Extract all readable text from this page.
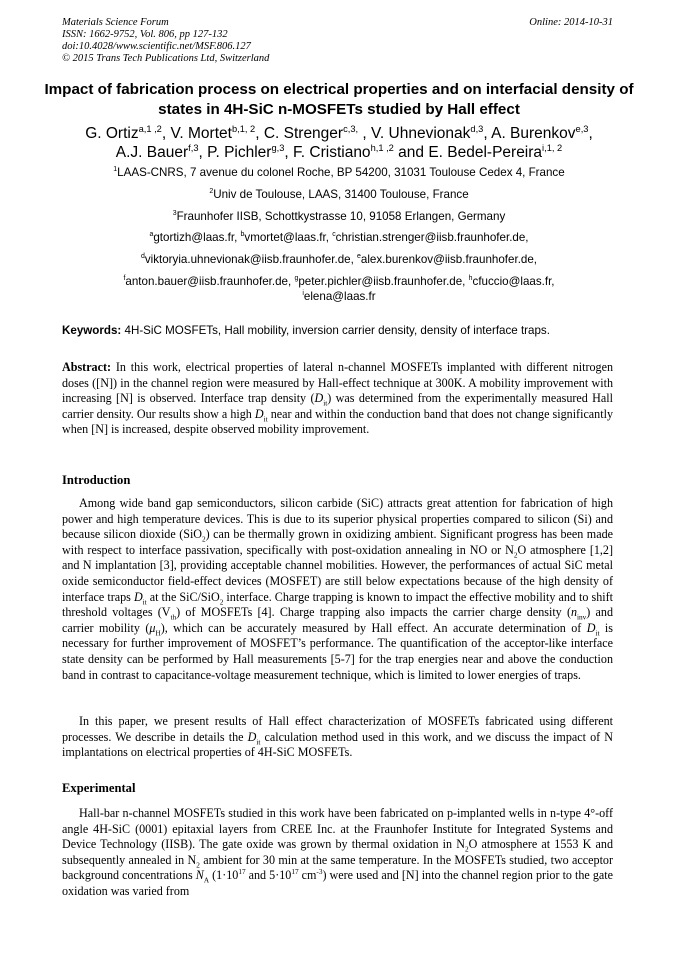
Materials Science Forum
ISSN: 1662-9752, Vol. 806, pp 127-132
doi:10.4028/www.scientific.net/MSF.806.127
© 2015 Trans Tech Publications Ltd, Switzerland
Online: 2014-10-31
Impact of fabrication process on electrical properties and on interfacial density of states in 4H-SiC n-MOSFETs studied by Hall effect
G. Ortiz$^{a,1 ,2}$, V. Mortet$^{b,1, 2}$, C. Strenger$^{c,3,}$ , V. Uhnevionak$^{d,3}$, A. Burenkov$^{e,3}$,
A.J. Bauer$^{f,3}$, P. Pichler$^{g,3}$, F. Cristiano$^{h,1 ,2}$ and E. Bedel-Pereira$^{i,1, 2}$
$^1$LAAS-CNRS, 7 avenue du colonel Roche, BP 54200, 31031 Toulouse Cedex 4, France
$^2$Univ de Toulouse, LAAS, 31400 Toulouse, France
$^3$Fraunhofer IISB, Schottkystrasse 10, 91058 Erlangen, Germany
$^a$gtortizh@laas.fr, $^b$vmortet@laas.fr, $^c$christian.strenger@iisb.fraunhofer.de,
$^d$viktoryia.uhnevionak@iisb.fraunhofer.de, $^e$alex.burenkov@iisb.fraunhofer.de,
$^f$anton.bauer@iisb.fraunhofer.de, $^g$peter.pichler@iisb.fraunhofer.de, $^h$cfuccio@laas.fr,
$^i$elena@laas.fr
Keywords: 4H-SiC MOSFETs, Hall mobility, inversion carrier density, density of interface traps.
Abstract: In this work, electrical properties of lateral n-channel MOSFETs implanted with different nitrogen doses ([N]) in the channel region were measured by Hall-effect technique at 300K. A mobility improvement with increasing [N] is observed. Interface trap density $(D_{it})$ was determined from the experimentally measured Hall carrier density. Our results show a high $D_{it}$ near and within the conduction band that does not change significantly when [N] is increased, despite observed mobility improvement.
Introduction

Among wide band gap semiconductors, silicon carbide (SiC) attracts great attention for fabrication of high power and high temperature devices. This is due to its superior physical properties compared to silicon (Si) and because silicon dioxide (SiO$_2$) can be thermally grown in oxidizing ambient. Significant progress has been made with respect to interface passivation, specifically with post-oxidation annealing in NO or $N_2O$ atmosphere [1,2] and N implantation [3], providing acceptable channel mobilities. However, the performances of actual SiC metal oxide semiconductor field-effect devices (MOSFET) are still below expectations because of the high density of interface traps $D_{it}$ at the SiC/SiO$_2$ interface. Charge trapping is known to impact the effective mobility and to shift threshold voltages $(V_{th})$ of MOSFETs [4]. Charge trapping also impacts the carrier charge density $(n_{inv})$ and carrier mobility $(\mu_H)$, which can be accurately measured by Hall effect. An accurate determination of $D_{it}$ is necessary for further improvement of MOSFET’s performance. The quantification of the acceptor-like interface state density can be performed by Hall measurements [5-7] for the trap energies near and above the conduction band in contrast to capacitance-voltage measurement technique, which is limited to lower energies of traps.

In this paper, we present results of Hall effect characterization of MOSFETs fabricated using different processes. We describe in details the $D_{it}$ calculation method used in this work, and we discuss the impact of N implantations on electrical properties of 4H-SiC MOSFETs.

Experimental

Hall-bar n-channel MOSFETs studied in this work have been fabricated on p-implanted wells in n-type 4°-off angle 4H-SiC (0001) epitaxial layers from CREE Inc. at the Fraunhofer Institute for Integrated Systems and Device Technology (IISB). The gate oxide was grown by thermal oxidation in $N_2O$ atmosphere at 1553 K and subsequently annealed in $N_2$ ambient for 30 min at the same temperature. In the MOSFETs studied, two acceptor background concentrations $N_A$ ($1\cdot 10^{17}$ and $5\cdot 10^{17}$ $cm^{-3}$) were used and [N] into the channel region prior to the gate oxidation was varied from
